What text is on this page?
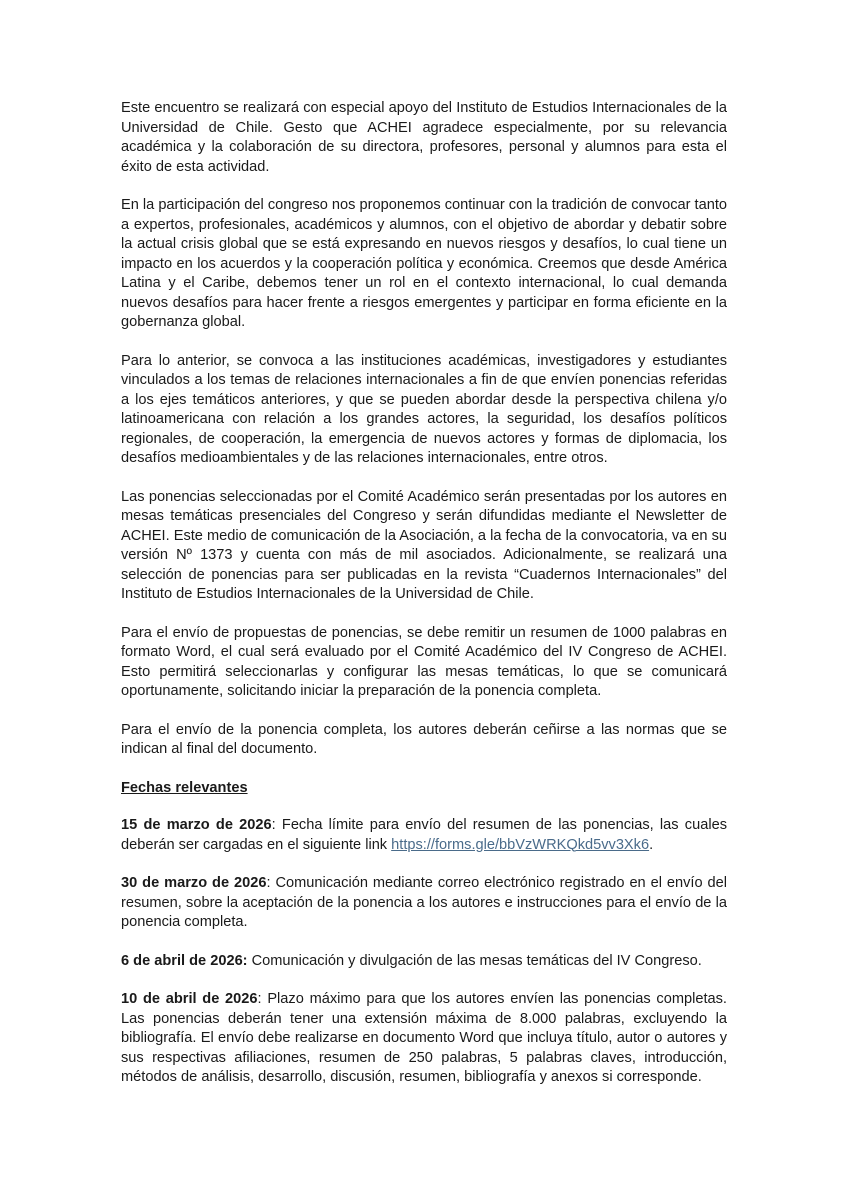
Este encuentro se realizará con especial apoyo del Instituto de Estudios Internacionales de la Universidad de Chile. Gesto que ACHEI agradece especialmente, por su relevancia académica y la colaboración de su directora, profesores, personal y alumnos para esta el éxito de esta actividad.

En la participación del congreso nos proponemos continuar con la tradición de convocar tanto a expertos, profesionales, académicos y alumnos, con el objetivo de abordar y debatir sobre la actual crisis global que se está expresando en nuevos riesgos y desafíos, lo cual tiene un impacto en los acuerdos y la cooperación política y económica. Creemos que desde América Latina y el Caribe, debemos tener un rol en el contexto internacional, lo cual demanda nuevos desafíos para hacer frente a riesgos emergentes y participar en forma eficiente en la gobernanza global.

Para lo anterior, se convoca a las instituciones académicas, investigadores y estudiantes vinculados a los temas de relaciones internacionales a fin de que envíen ponencias referidas a los ejes temáticos anteriores, y que se pueden abordar desde la perspectiva chilena y/o latinoamericana con relación a los grandes actores, la seguridad, los desafíos políticos regionales, de cooperación, la emergencia de nuevos actores y formas de diplomacia, los desafíos medioambientales y de las relaciones internacionales, entre otros.

Las ponencias seleccionadas por el Comité Académico serán presentadas por los autores en mesas temáticas presenciales del Congreso y serán difundidas mediante el Newsletter de ACHEI. Este medio de comunicación de la Asociación, a la fecha de la convocatoria, va en su versión Nº 1373 y cuenta con más de mil asociados. Adicionalmente, se realizará una selección de ponencias para ser publicadas en la revista “Cuadernos Internacionales” del Instituto de Estudios Internacionales de la Universidad de Chile.

Para el envío de propuestas de ponencias, se debe remitir un resumen de 1000 palabras en formato Word, el cual será evaluado por el Comité Académico del IV Congreso de ACHEI. Esto permitirá seleccionarlas y configurar las mesas temáticas, lo que se comunicará oportunamente, solicitando iniciar la preparación de la ponencia completa.

Para el envío de la ponencia completa, los autores deberán ceñirse a las normas que se indican al final del documento.

Fechas relevantes

15 de marzo de 2026: Fecha límite para envío del resumen de las ponencias, las cuales deberán ser cargadas en el siguiente link https://forms.gle/bbVzWRKQkd5vv3Xk6.

30 de marzo de 2026: Comunicación mediante correo electrónico registrado en el envío del resumen, sobre la aceptación de la ponencia a los autores e instrucciones para el envío de la ponencia completa.

6 de abril de 2026: Comunicación y divulgación de las mesas temáticas del IV Congreso.

10 de abril de 2026: Plazo máximo para que los autores envíen las ponencias completas. Las ponencias deberán tener una extensión máxima de 8.000 palabras, excluyendo la bibliografía. El envío debe realizarse en documento Word que incluya título, autor o autores y sus respectivas afiliaciones, resumen de 250 palabras, 5 palabras claves, introducción, métodos de análisis, desarrollo, discusión, resumen, bibliografía y anexos si corresponde.
